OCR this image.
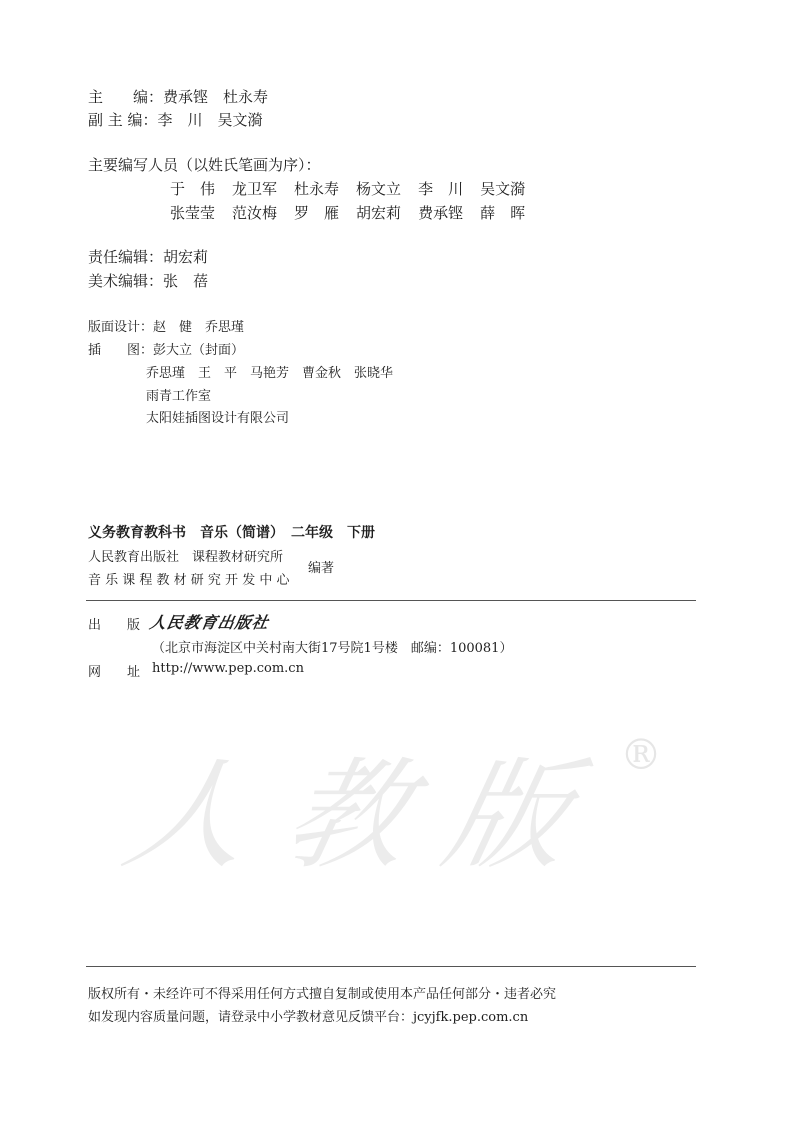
主　　编：费承铿　杜永寿
副 主 编：李　川　吴文漪
主要编写人员（以姓氏笔画为序）：
于　伟 龙卫军 杜永寿 杨文立 李　川 吴文漪
张莹莹 范汝梅 罗　雁 胡宏莉 费承铿 薛　晖
责任编辑：胡宏莉
美术编辑：张　蓓
版面设计：赵　健　乔思瑾
插　　图：彭大立（封面）
乔思瑾　王　平　马艳芳　曹金秋　张晓华
雨青工作室
太阳娃插图设计有限公司
义务教育教科书　音乐（简谱）　二年级　下册
人民教育出版社　课程教材研究所
音 乐 课 程 教 材 研 究 开 发 中 心
编著
出　　版 人民教育出版社
（北京市海淀区中关村南大街17号院1号楼　邮编：100081）
网　　址 http://www.pep.com.cn
人教版
®
版权所有・未经许可不得采用任何方式擅自复制或使用本产品任何部分・违者必究
如发现内容质量问题，请登录中小学教材意见反馈平台：jcyjfk.pep.com.cn
